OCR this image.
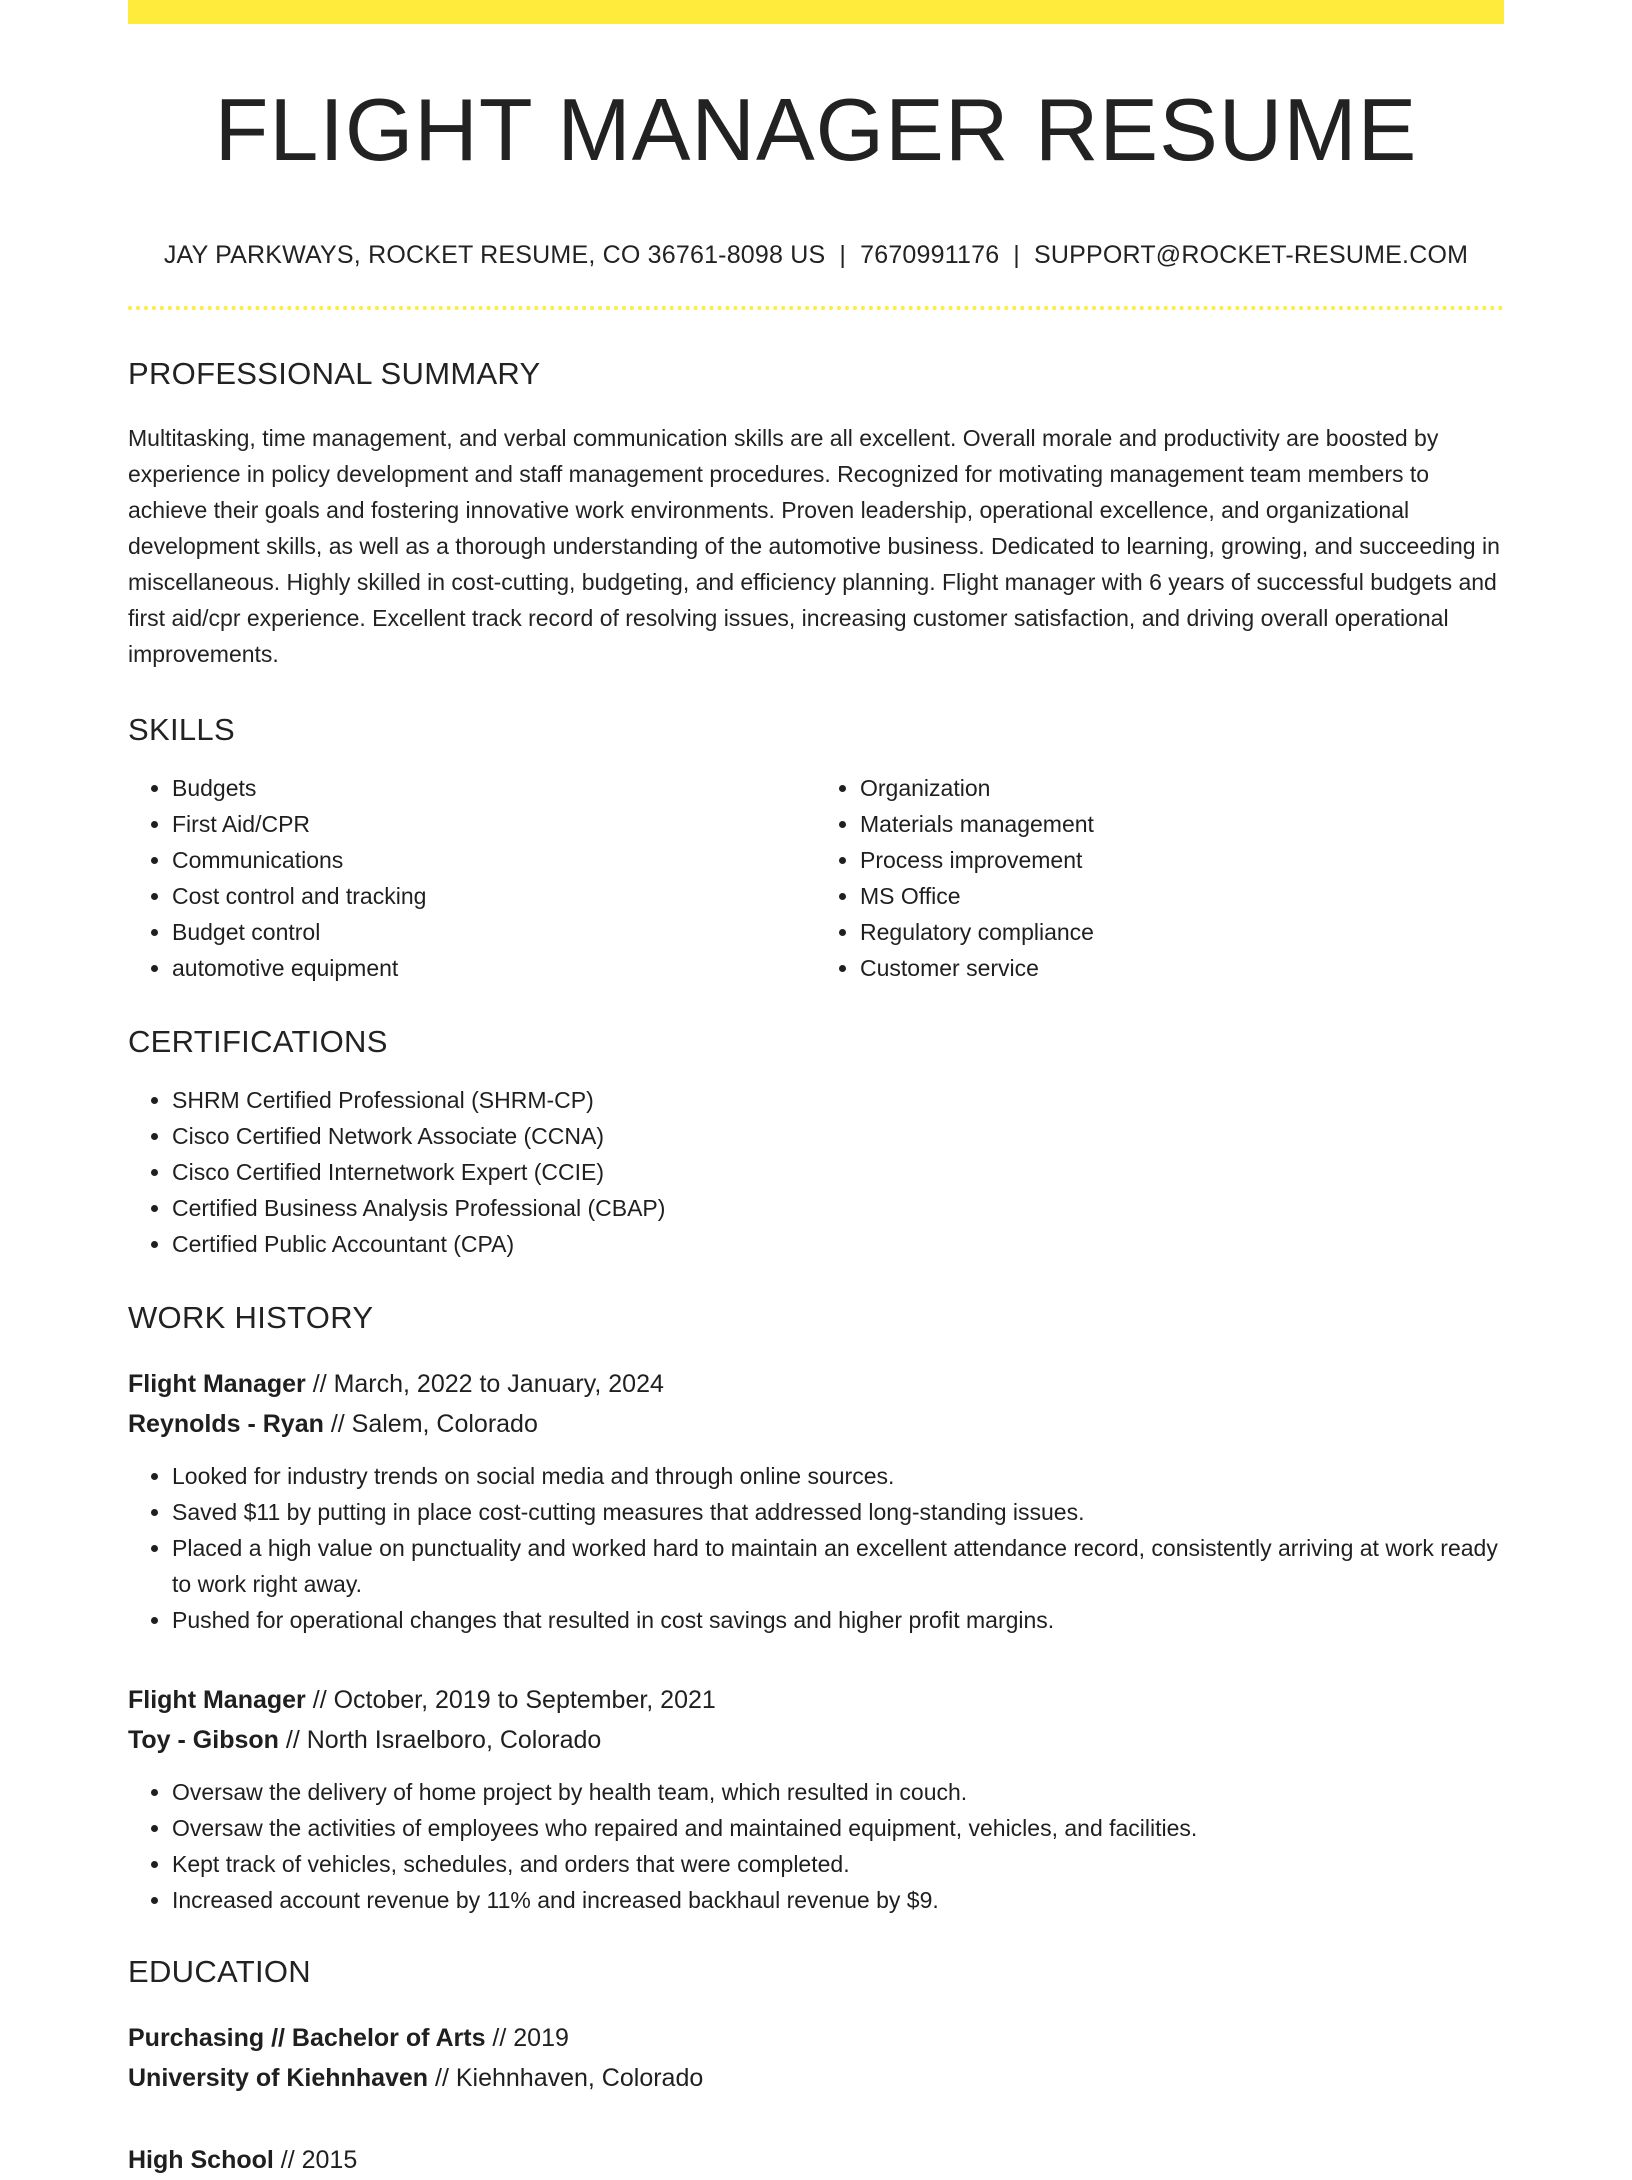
FLIGHT MANAGER RESUME
JAY PARKWAYS, ROCKET RESUME, CO 36761-8098 US | 7670991176 | SUPPORT@ROCKET-RESUME.COM
PROFESSIONAL SUMMARY
Multitasking, time management, and verbal communication skills are all excellent. Overall morale and productivity are boosted by experience in policy development and staff management procedures. Recognized for motivating management team members to achieve their goals and fostering innovative work environments. Proven leadership, operational excellence, and organizational development skills, as well as a thorough understanding of the automotive business. Dedicated to learning, growing, and succeeding in miscellaneous. Highly skilled in cost-cutting, budgeting, and efficiency planning. Flight manager with 6 years of successful budgets and first aid/cpr experience. Excellent track record of resolving issues, increasing customer satisfaction, and driving overall operational improvements.
SKILLS
• Budgets
• First Aid/CPR
• Communications
• Cost control and tracking
• Budget control
• automotive equipment
• Organization
• Materials management
• Process improvement
• MS Office
• Regulatory compliance
• Customer service
CERTIFICATIONS
• SHRM Certified Professional (SHRM-CP)
• Cisco Certified Network Associate (CCNA)
• Cisco Certified Internetwork Expert (CCIE)
• Certified Business Analysis Professional (CBAP)
• Certified Public Accountant (CPA)
WORK HISTORY
Flight Manager // March, 2022 to January, 2024
Reynolds - Ryan // Salem, Colorado
• Looked for industry trends on social media and through online sources.
• Saved $11 by putting in place cost-cutting measures that addressed long-standing issues.
• Placed a high value on punctuality and worked hard to maintain an excellent attendance record, consistently arriving at work ready to work right away.
• Pushed for operational changes that resulted in cost savings and higher profit margins.
Flight Manager // October, 2019 to September, 2021
Toy - Gibson // North Israelboro, Colorado
• Oversaw the delivery of home project by health team, which resulted in couch.
• Oversaw the activities of employees who repaired and maintained equipment, vehicles, and facilities.
• Kept track of vehicles, schedules, and orders that were completed.
• Increased account revenue by 11% and increased backhaul revenue by $9.
EDUCATION
Purchasing // Bachelor of Arts // 2019
University of Kiehnhaven // Kiehnhaven, Colorado
High School // 2015
